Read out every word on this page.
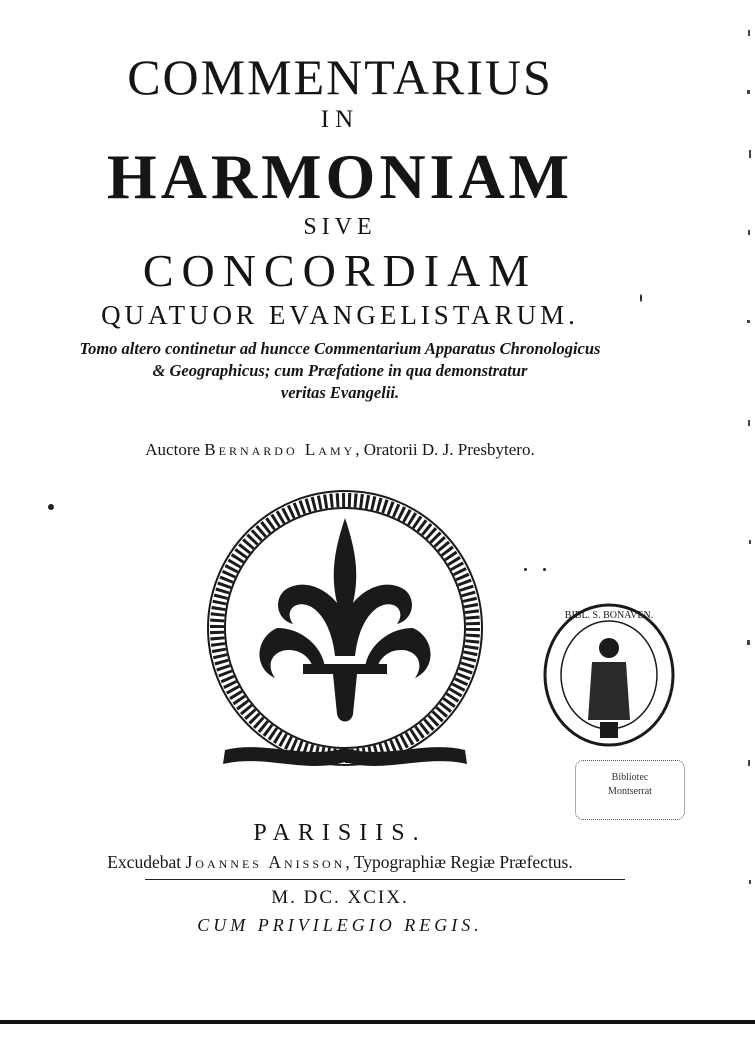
COMMENTARIUS
IN
HARMONIAM
SIVE
CONCORDIAM
QUATUOR EVANGELISTARUM.
Tomo altero continetur ad huncce Commentarium Apparatus Chronologicus
& Geographicus; cum Præfatione in qua demonstratur
veritas Evangelii.
Auctore Bernardo Lamy, Oratorii D. J. Presbytero.
BIBL. S. BONAVEN.
Bibliotec
Montserrat
PARISIIS.
Excudebat Joannes Anisson, Typographiæ Regiæ Præfectus.
M. DC. XCIX.
CUM PRIVILEGIO REGIS.
